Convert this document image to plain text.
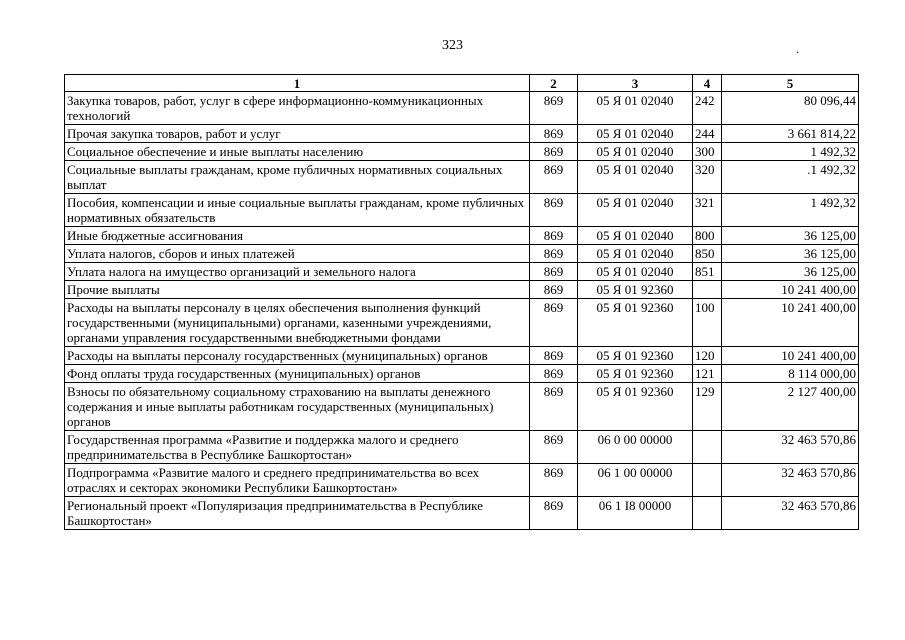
323	.
1	2	3	4	5
Закупка товаров, работ, услуг в сфере информационно-коммуникационных технологий	869	05 Я 01 02040	242	80 096,44
Прочая закупка товаров, работ и услуг	869	05 Я 01 02040	244	3 661 814,22
Социальное обеспечение и иные выплаты населению	869	05 Я 01 02040	300	1 492,32
Социальные выплаты гражданам, кроме публичных нормативных социальных выплат	869	05 Я 01 02040	320	.1 492,32
Пособия, компенсации и иные социальные выплаты гражданам, кроме публичных нормативных обязательств	869	05 Я 01 02040	321	1 492,32
Иные бюджетные ассигнования	869	05 Я 01 02040	800	36 125,00
Уплата налогов, сборов и иных платежей	869	05 Я 01 02040	850	36 125,00
Уплата налога на имущество организаций и земельного налога	869	05 Я 01 02040	851	36 125,00
Прочие выплаты	869	05 Я 01 92360		10 241 400,00
Расходы на выплаты персоналу в целях обеспечения выполнения функций государственными (муниципальными) органами, казенными учреждениями, органами управления государственными внебюджетными фондами	869	05 Я 01 92360	100	10 241 400,00
Расходы на выплаты персоналу государственных (муниципальных) органов	869	05 Я 01 92360	120	10 241 400,00
Фонд оплаты труда государственных (муниципальных) органов	869	05 Я 01 92360	121	8 114 000,00
Взносы по обязательному социальному страхованию на выплаты денежного содержания и иные выплаты работникам государственных (муниципальных) органов	869	05 Я 01 92360	129	2 127 400,00
Государственная программа «Развитие и поддержка малого и среднего предпринимательства в Республике Башкортостан»	869	06 0 00 00000		32 463 570,86
Подпрограмма «Развитие малого и среднего предпринимательства во всех отраслях и секторах экономики Республики Башкортостан»	869	06 1 00 00000		32 463 570,86
Региональный проект «Популяризация предпринимательства в Республике Башкортостан»	869	06 1 I8 00000		32 463 570,86
